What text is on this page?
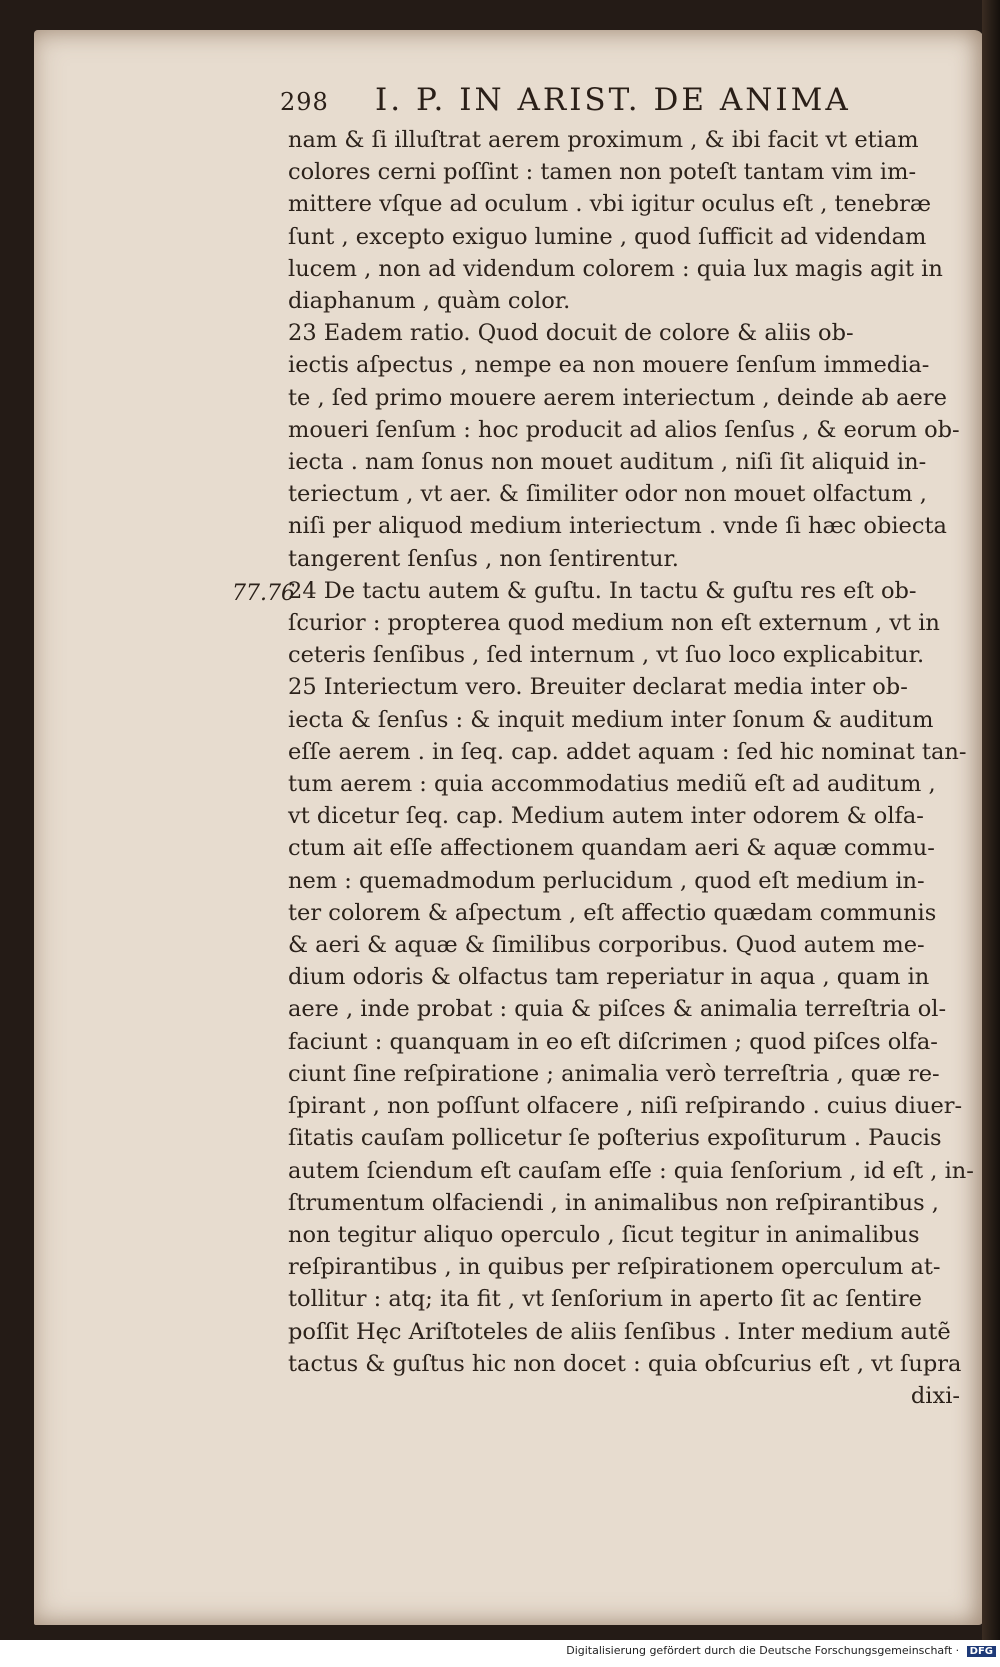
298 I. P. IN ARIST. DE ANIMA
77.76
nam & ſi illuſtrat aerem proximum , & ibi facit vt etiam
colores cerni poſſint : tamen non poteſt tantam vim im-
mittere vſque ad oculum . vbi igitur oculus eſt , tenebræ
ſunt , excepto exiguo lumine , quod ſufficit ad videndam
lucem , non ad videndum colorem : quia lux magis agit in
diaphanum , quàm color.
23 Eadem ratio. Quod docuit de colore & aliis ob-
iectis aſpectus , nempe ea non mouere ſenſum immedia-
te , ſed primo mouere aerem interiectum , deinde ab aere
moueri ſenſum : hoc producit ad alios ſenſus , & eorum ob-
iecta . nam ſonus non mouet auditum , niſi ſit aliquid in-
teriectum , vt aer. & ſimiliter odor non mouet olfactum ,
niſi per aliquod medium interiectum . vnde ſi hæc obiecta
tangerent ſenſus , non ſentirentur.
24 De tactu autem & guſtu. In tactu & guſtu res eſt ob-
ſcurior : propterea quod medium non eſt externum , vt in
ceteris ſenſibus , ſed internum , vt ſuo loco explicabitur.
25 Interiectum vero. Breuiter declarat media inter ob-
iecta & ſenſus : & inquit medium inter ſonum & auditum
eſſe aerem . in ſeq. cap. addet aquam : ſed hic nominat tan-
tum aerem : quia accommodatius mediũ eſt ad auditum ,
vt dicetur ſeq. cap. Medium autem inter odorem & olfa-
ctum ait eſſe affectionem quandam aeri & aquæ commu-
nem : quemadmodum perlucidum , quod eſt medium in-
ter colorem & aſpectum , eſt affectio quædam communis
& aeri & aquæ & ſimilibus corporibus. Quod autem me-
dium odoris & olfactus tam reperiatur in aqua , quam in
aere , inde probat : quia & piſces & animalia terreſtria ol-
faciunt : quanquam in eo eſt diſcrimen ; quod piſces olfa-
ciunt ſine reſpiratione ; animalia verò terreſtria , quæ re-
ſpirant , non poſſunt olfacere , niſi reſpirando . cuius diuer-
ſitatis cauſam pollicetur ſe poſterius expoſiturum . Paucis
autem ſciendum eſt cauſam eſſe : quia ſenſorium , id eſt , in-
ſtrumentum olfaciendi , in animalibus non reſpirantibus ,
non tegitur aliquo operculo , ſicut tegitur in animalibus
reſpirantibus , in quibus per reſpirationem operculum at-
tollitur : atq; ita fit , vt ſenſorium in aperto ſit ac ſentire
poſſit Hęc Ariſtoteles de aliis ſenſibus . Inter medium autẽ
tactus & guſtus hic non docet : quia obſcurius eſt , vt ſupra
dixi-
Digitalisierung gefördert durch die Deutsche Forschungsgemeinschaft · DFG
